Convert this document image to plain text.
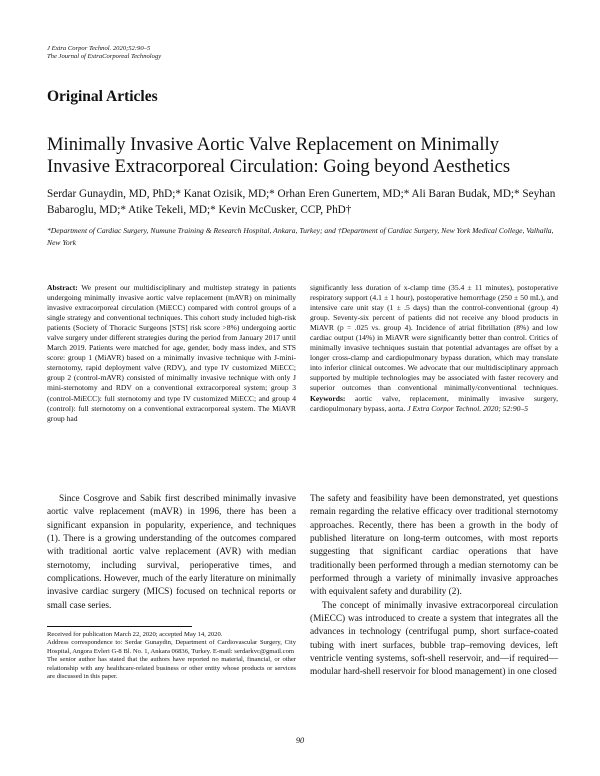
J Extra Corpor Technol. 2020;52:90–5
The Journal of ExtraCorporeal Technology
Original Articles
Minimally Invasive Aortic Valve Replacement on Minimally Invasive Extracorporeal Circulation: Going beyond Aesthetics
Serdar Gunaydin, MD, PhD;* Kanat Ozisik, MD;* Orhan Eren Gunertem, MD;* Ali Baran Budak, MD;* Seyhan Babaroglu, MD;* Atike Tekeli, MD;* Kevin McCusker, CCP, PhD†
*Department of Cardiac Surgery, Numune Training & Research Hospital, Ankara, Turkey; and †Department of Cardiac Surgery, New York Medical College, Valhalla, New York
Abstract: We present our multidisciplinary and multistep strategy in patients undergoing minimally invasive aortic valve replacement (mAVR) on minimally invasive extracorporeal circulation (MiECC) compared with control groups of a single strategy and conventional techniques. This cohort study included high-risk patients (Society of Thoracic Surgeons [STS] risk score >8%) undergoing aortic valve surgery under different strategies during the period from January 2017 until March 2019. Patients were matched for age, gender, body mass index, and STS score: group 1 (MiAVR) based on a minimally invasive technique with J-mini-sternotomy, rapid deployment valve (RDV), and type IV customized MiECC; group 2 (control-mAVR) consisted of minimally invasive technique with only J mini-sternotomy and RDV on a conventional extracorporeal system; group 3 (control-MiECC): full sternotomy and type IV customized MiECC; and group 4 (control): full sternotomy on a conventional extracorporeal system. The MiAVR group had
significantly less duration of x-clamp time (35.4 ± 11 minutes), postoperative respiratory support (4.1 ± 1 hour), postoperative hemorrhage (250 ± 50 mL), and intensive care unit stay (1 ± .5 days) than the control-conventional (group 4) group. Seventy-six percent of patients did not receive any blood products in MiAVR (p = .025 vs. group 4). Incidence of atrial fibrillation (8%) and low cardiac output (14%) in MiAVR were significantly better than control. Critics of minimally invasive techniques sustain that potential advantages are offset by a longer cross-clamp and cardiopulmonary bypass duration, which may translate into inferior clinical outcomes. We advocate that our multidisciplinary approach supported by multiple technologies may be associated with faster recovery and superior outcomes than conventional minimally/conventional techniques. Keywords: aortic valve, replacement, minimally invasive surgery, cardiopulmonary bypass, aorta. J Extra Corpor Technol. 2020; 52:90–5
Since Cosgrove and Sabik first described minimally invasive aortic valve replacement (mAVR) in 1996, there has been a significant expansion in popularity, experience, and techniques (1). There is a growing understanding of the outcomes compared with traditional aortic valve replacement (AVR) with median sternotomy, including survival, perioperative times, and complications. However, much of the early literature on minimally invasive cardiac surgery (MICS) focused on technical reports or small case series.

The safety and feasibility have been demonstrated, yet questions remain regarding the relative efficacy over traditional sternotomy approaches. Recently, there has been a growth in the body of published literature on long-term outcomes, with most reports suggesting that significant cardiac operations that have traditionally been performed through a median sternotomy can be performed through a variety of minimally invasive approaches with equivalent safety and durability (2).

The concept of minimally invasive extracorporeal circulation (MiECC) was introduced to create a system that integrates all the advances in technology (centrifugal pump, short surface-coated tubing with inert surfaces, bubble trap–removing devices, left ventricle venting systems, soft-shell reservoir, and—if required—modular hard-shell reservoir for blood management) in one closed

Received for publication March 22, 2020; accepted May 14, 2020.
Address correspondence to: Serdar Gunaydin, Department of Cardiovascular Surgery, City Hospital, Angora Evleri G-8 Bl. No. 1, Ankara 06836, Turkey. E-mail: serdarkvc@gmail.com
The senior author has stated that the authors have reported no material, financial, or other relationship with any healthcare-related business or other entity whose products or services are discussed in this paper.
90
